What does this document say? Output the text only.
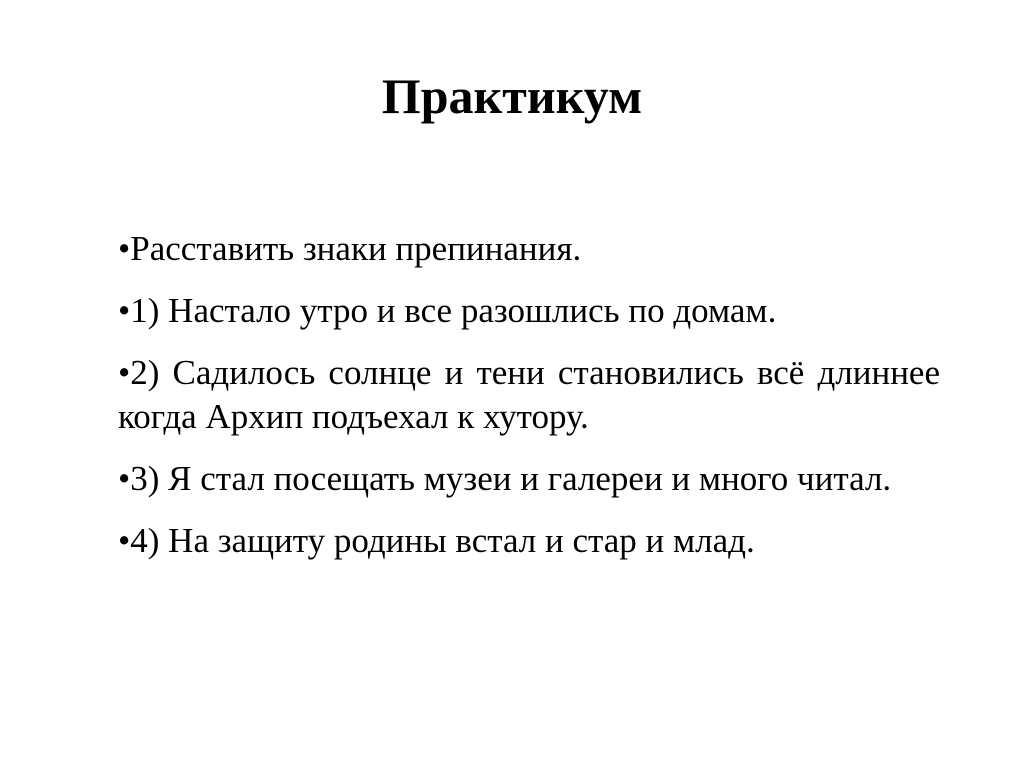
Практикум
•Расставить знаки препинания.
•1) Настало утро и все разошлись по домам.
•2) Садилось солнце и тени становились всё длиннее когда Архип подъехал к хутору.
•3) Я стал посещать музеи и галереи и много читал.
•4) На защиту родины встал и стар и млад.
